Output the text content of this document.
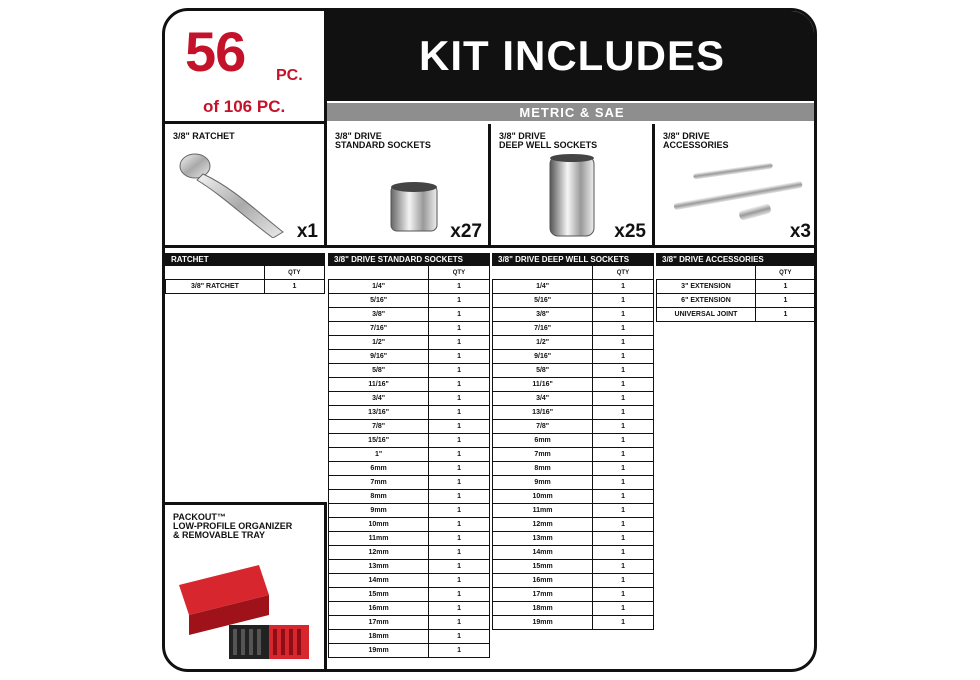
56 PC.
of 106 PC.
KIT INCLUDES
METRIC & SAE
3/8" RATCHET
x1
3/8" DRIVE
STANDARD SOCKETS
x27
3/8" DRIVE
DEEP WELL SOCKETS
x25
3/8" DRIVE
ACCESSORIES
x3
RATCHET
QTY
3/8" RATCHET	1
3/8" DRIVE STANDARD SOCKETS
QTY
1/4"	1
5/16"	1
3/8"	1
7/16"	1
1/2"	1
9/16"	1
5/8"	1
11/16"	1
3/4"	1
13/16"	1
7/8"	1
15/16"	1
1"	1
6mm	1
7mm	1
8mm	1
9mm	1
10mm	1
11mm	1
12mm	1
13mm	1
14mm	1
15mm	1
16mm	1
17mm	1
18mm	1
19mm	1
3/8" DRIVE DEEP WELL SOCKETS
QTY
1/4"	1
5/16"	1
3/8"	1
7/16"	1
1/2"	1
9/16"	1
5/8"	1
11/16"	1
3/4"	1
13/16"	1
7/8"	1
6mm	1
7mm	1
8mm	1
9mm	1
10mm	1
11mm	1
12mm	1
13mm	1
14mm	1
15mm	1
16mm	1
17mm	1
18mm	1
19mm	1
3/8" DRIVE ACCESSORIES
QTY
3" EXTENSION	1
6" EXTENSION	1
UNIVERSAL JOINT	1
PACKOUT™
LOW-PROFILE ORGANIZER
& REMOVABLE TRAY
